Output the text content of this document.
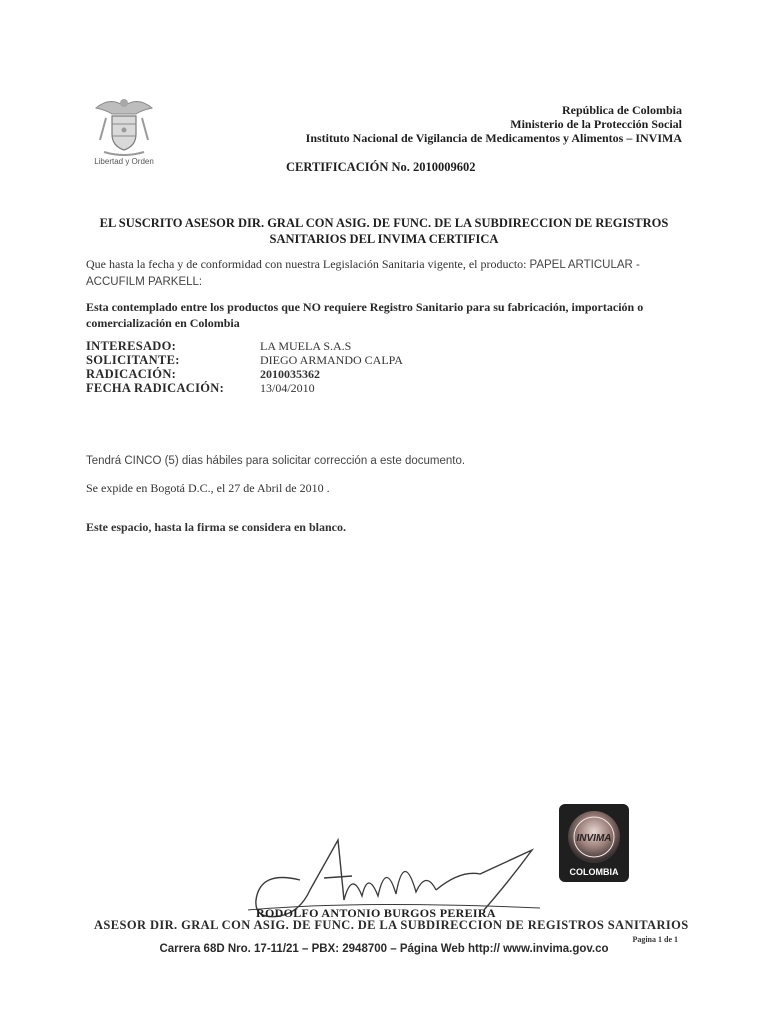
Libertad y Orden
República de Colombia
Ministerio de la Protección Social
Instituto Nacional de Vigilancia de Medicamentos y Alimentos – INVIMA
CERTIFICACIÓN No. 2010009602
EL SUSCRITO ASESOR DIR. GRAL CON ASIG. DE FUNC. DE LA SUBDIRECCION DE REGISTROS
SANITARIOS DEL INVIMA CERTIFICA
Que hasta la fecha y de conformidad con nuestra Legislación Sanitaria vigente, el producto: PAPEL ARTICULAR - ACCUFILM PARKELL:
Esta contemplado entre los productos que NO requiere Registro Sanitario para su fabricación, importación o comercialización en Colombia
INTERESADO:	LA MUELA S.A.S
SOLICITANTE:	DIEGO ARMANDO CALPA
RADICACIÓN:	2010035362
FECHA RADICACIÓN:	13/04/2010
Tendrá CINCO (5) dias hábiles para solicitar corrección a este documento.
Se expide en Bogotá D.C., el 27 de Abril de 2010 .
Este espacio, hasta la firma se considera en blanco.
INVIMA
COLOMBIA
RODOLFO ANTONIO BURGOS PEREIRA
ASESOR DIR. GRAL CON ASIG. DE FUNC. DE LA SUBDIRECCION DE REGISTROS SANITARIOS
Pagina 1 de 1
Carrera 68D Nro. 17-11/21 – PBX: 2948700 – Página Web http:// www.invima.gov.co
